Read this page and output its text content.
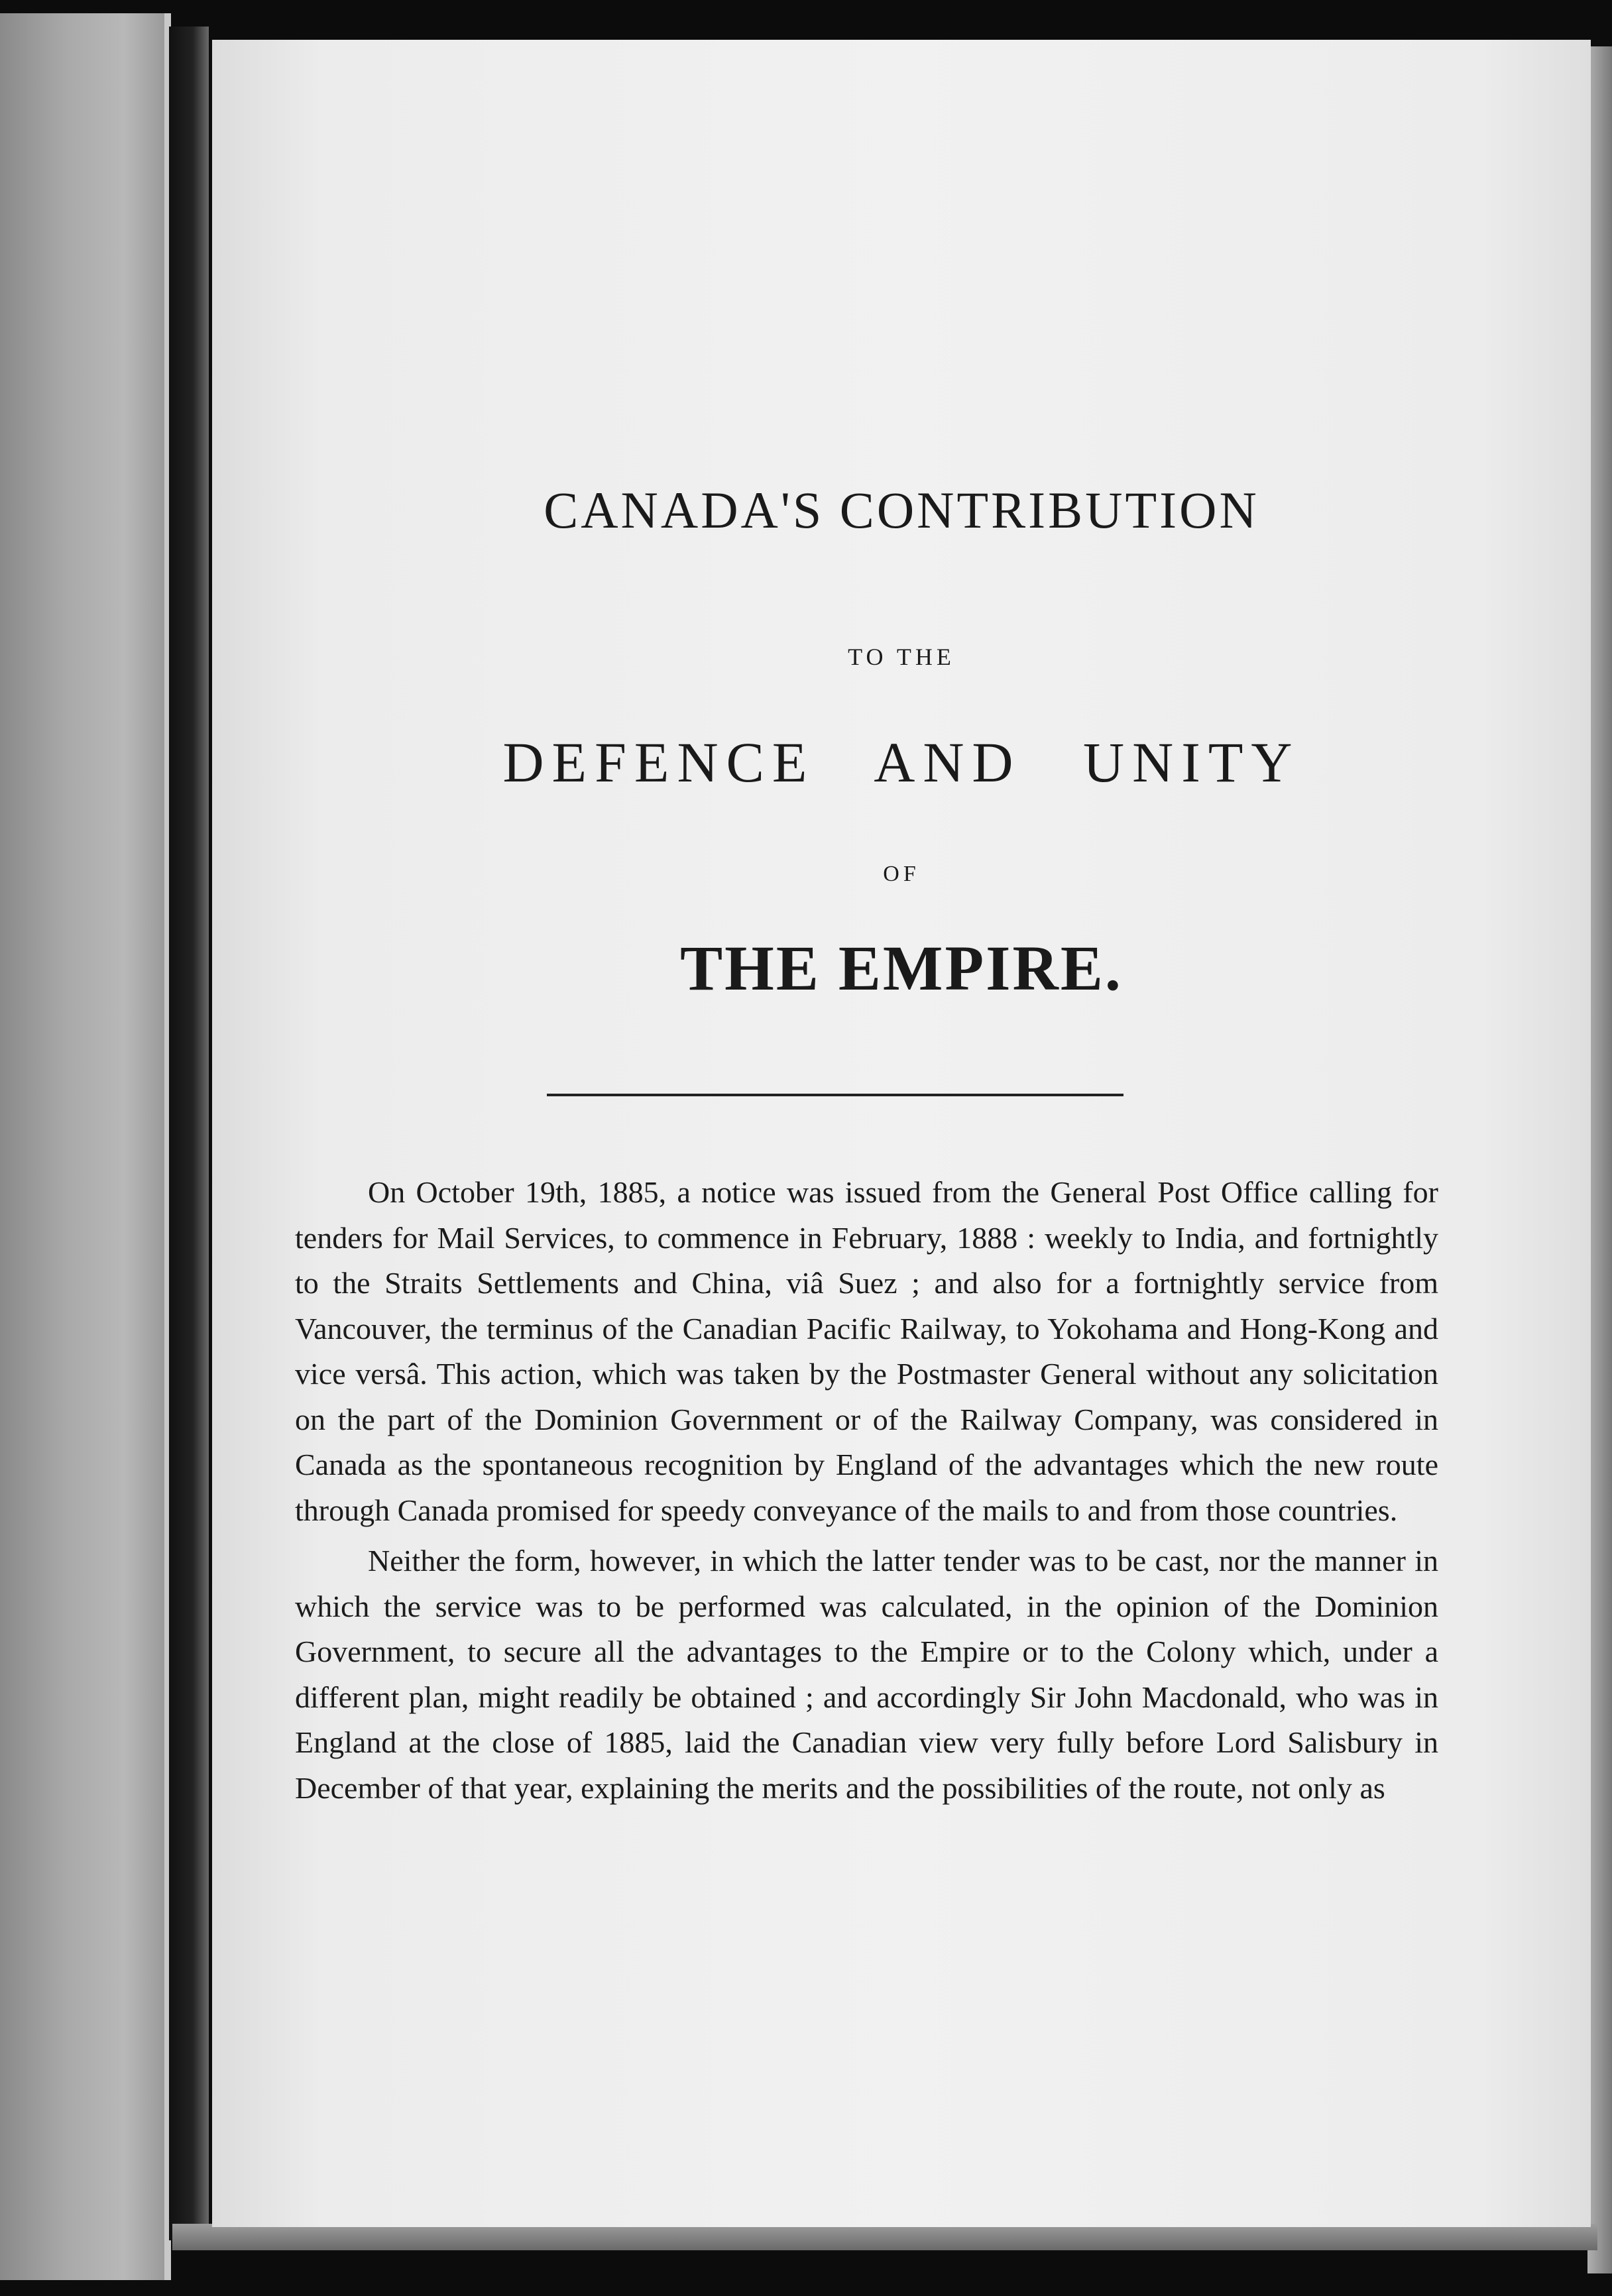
CANADA'S CONTRIBUTION
TO THE
DEFENCE AND UNITY
OF
THE EMPIRE.

On October 19th, 1885, a notice was issued from the General Post Office calling for tenders for Mail Services, to commence in February, 1888 : weekly to India, and fortnightly to the Straits Settlements and China, viâ Suez ; and also for a fortnightly service from Vancouver, the terminus of the Canadian Pacific Railway, to Yokohama and Hong-Kong and vice versâ. This action, which was taken by the Postmaster General without any solicitation on the part of the Dominion Government or of the Railway Company, was considered in Canada as the spontaneous recognition by England of the advantages which the new route through Canada promised for speedy conveyance of the mails to and from those countries.

Neither the form, however, in which the latter tender was to be cast, nor the manner in which the service was to be performed was calculated, in the opinion of the Dominion Government, to secure all the advantages to the Empire or to the Colony which, under a different plan, might readily be obtained ; and accordingly Sir John Macdonald, who was in England at the close of 1885, laid the Canadian view very fully before Lord Salisbury in December of that year, explaining the merits and the possibilities of the route, not only as
